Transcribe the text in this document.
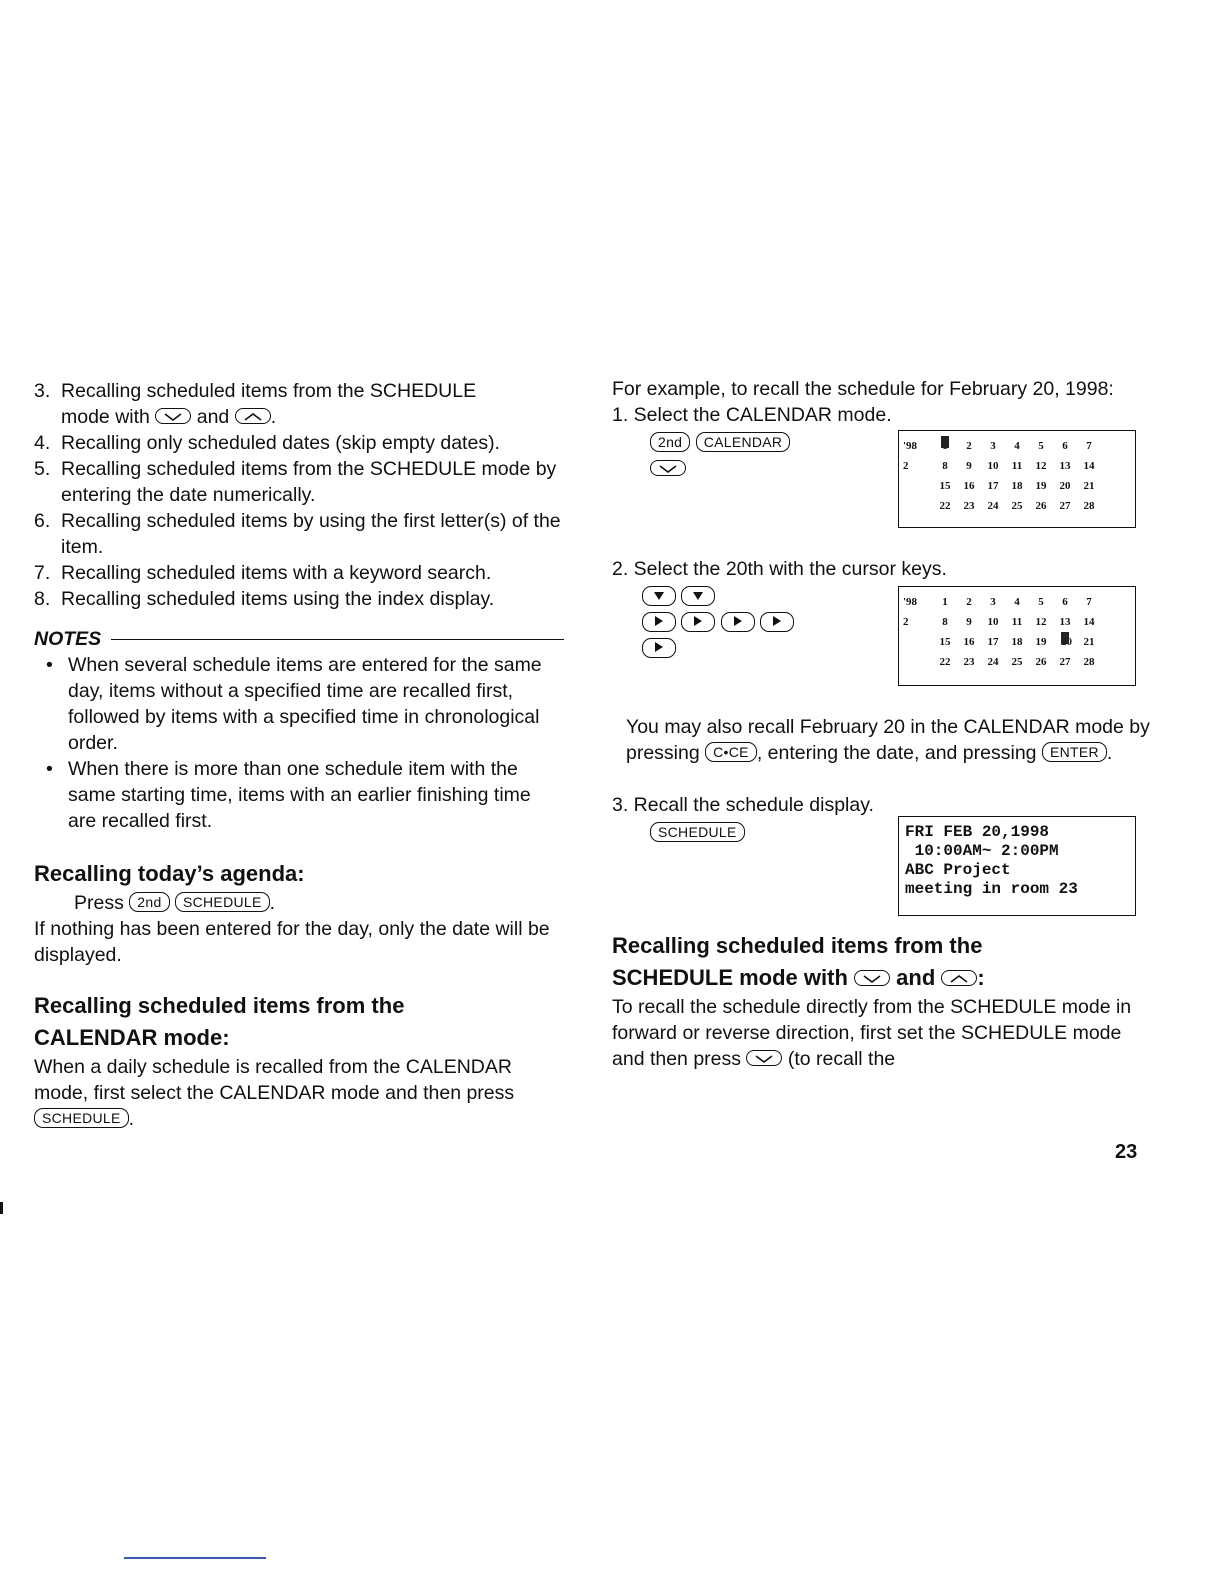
3. Recalling scheduled items from the SCHEDULE
mode with and .
4. Recalling only scheduled dates (skip empty dates).
5. Recalling scheduled items from the SCHEDULE mode by entering the date numerically.
6. Recalling scheduled items by using the first letter(s) of the item.
7. Recalling scheduled items with a keyword search.
8. Recalling scheduled items using the index display.
NOTES
• When several schedule items are entered for the same day, items without a specified time are recalled first, followed by items with a specified time in chronological order.
• When there is more than one schedule item with the same starting time, items with an earlier finishing time are recalled first.
Recalling today’s agenda:
Press 2nd SCHEDULE .
If nothing has been entered for the day, only the date will be displayed.
Recalling scheduled items from the
CALENDAR mode:
When a daily schedule is recalled from the CALENDAR mode, first select the CALENDAR mode and then press SCHEDULE .
For example, to recall the schedule for February 20, 1998:
1. Select the CALENDAR mode.
2nd CALENDAR	'98	1	2	3	4	5	6	7
2	8	9	10	11	12	13	14
	15	16	17	18	19	20	21
	22	23	24	25	26	27	28
2. Select the 20th with the cursor keys.

'98	1	2	3	4	5	6	7
2	8	9	10	11	12	13	14
	15	16	17	18	19	20	21
	22	23	24	25	26	27	28
You may also recall February 20 in the CALENDAR mode by pressing C•CE , entering the date, and pressing ENTER .
3. Recall the schedule display.
SCHEDULE	FRI FEB 20,1998
10:00AM~ 2:00PM
ABC Project
meeting in room 23
Recalling scheduled items from the
SCHEDULE mode with and :
To recall the schedule directly from the SCHEDULE mode in forward or reverse direction, first set the SCHEDULE mode and then press (to recall the
23
